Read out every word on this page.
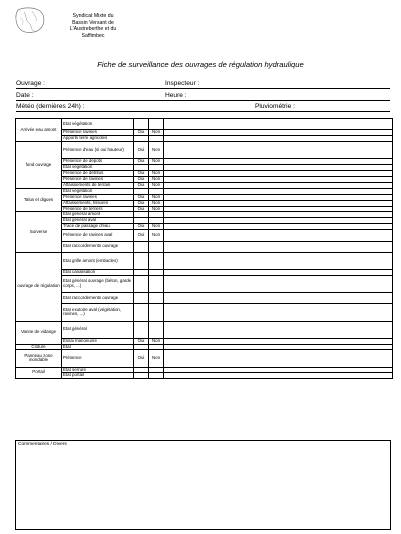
Syndicat Mixte du
Bassin Versant de
L'Austreberthe et du
Saffimbec
Fiche de surveillance des ouvrages de régulation hydraulique
Ouvrage :	Inspecteur :
Date :	Heure :
Météo (dernières 24h) :	Pluviométrie :
Arrivée eau amont	Etat végétation			
	Présence ravines	Oui	Non	
	Apports terre agricoles			
fond ouvrage	Présence d'eau (si oui hauteur)	Oui	Non	
	Présence de dépots	Oui	Non	
	Etat végétation			
	Présence de détritus	Oui	Non	
	Présence de ravines	Oui	Non	
	Affaissements de terrain	Oui	Non	
Talus et digues	Etat végétation			
	Présence ravines	Oui	Non	
	Affaissements, fissures	Oui	Non	
	Présence de terriers	Oui	Non	
Surverse	Etat général amont			
	Etat général aval			
	Trace de passage d'eau	Oui	Non	
	Présence de ravines aval	Oui	Non	
	Etat raccordements ouvrage			
ouvrage de régulation	Etat grille amont (embacles)			
	Etat canalisation			
	Etat général ouvrage (béton, garde corps, ...)			
	Etat raccordements ouvrage			
	Etat exutoire aval (végétation, ravines, ...)			
Vanne de vidange	Etat général			
	Essai manoeuvre	Oui	Non	
Clôture	Etat			
Panneau zone inondable	Présence	Oui	Non	
Portail	Etat serrure			
	Etat portail			
Commentaires / Divers
